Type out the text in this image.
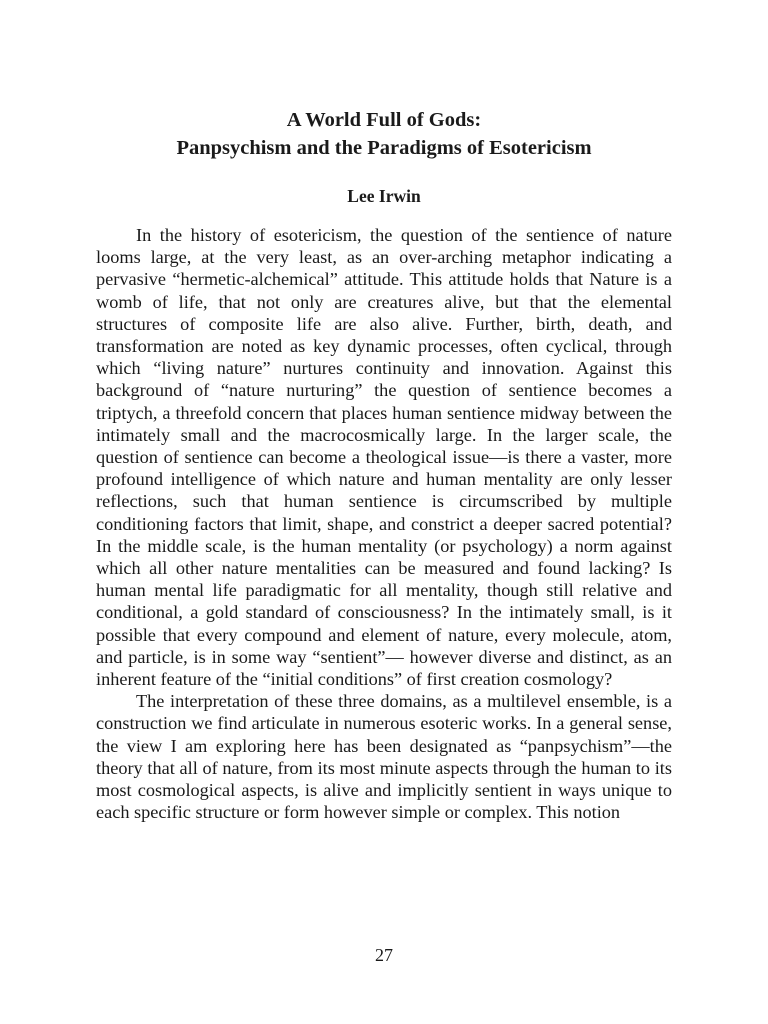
A World Full of Gods:
Panpsychism and the Paradigms of Esotericism
Lee Irwin

In the history of esotericism, the question of the sentience of nature looms large, at the very least, as an over-arching metaphor indicating a pervasive “hermetic-alchemical” attitude. This attitude holds that Nature is a womb of life, that not only are creatures alive, but that the elemental structures of composite life are also alive. Further, birth, death, and transformation are noted as key dynamic processes, often cyclical, through which “living nature” nurtures continuity and innovation. Against this background of “nature nurturing” the question of sentience becomes a triptych, a threefold concern that places human sentience midway between the intimately small and the macrocosmically large. In the larger scale, the question of sentience can become a theological issue—is there a vaster, more profound intelligence of which nature and human mentality are only lesser reflections, such that human sentience is circumscribed by multiple conditioning factors that limit, shape, and constrict a deeper sacred potential? In the middle scale, is the human mentality (or psychology) a norm against which all other nature mentalities can be measured and found lacking? Is human mental life paradigmatic for all mentality, though still relative and conditional, a gold standard of consciousness? In the intimately small, is it possible that every compound and element of nature, every molecule, atom, and particle, is in some way “sentient”— however diverse and distinct, as an inherent feature of the “initial conditions” of first creation cosmology?

The interpretation of these three domains, as a multilevel ensemble, is a construction we find articulate in numerous esoteric works. In a general sense, the view I am exploring here has been designated as “panpsychism”—the theory that all of nature, from its most minute aspects through the human to its most cosmological aspects, is alive and implicitly sentient in ways unique to each specific structure or form however simple or complex. This notion

27
